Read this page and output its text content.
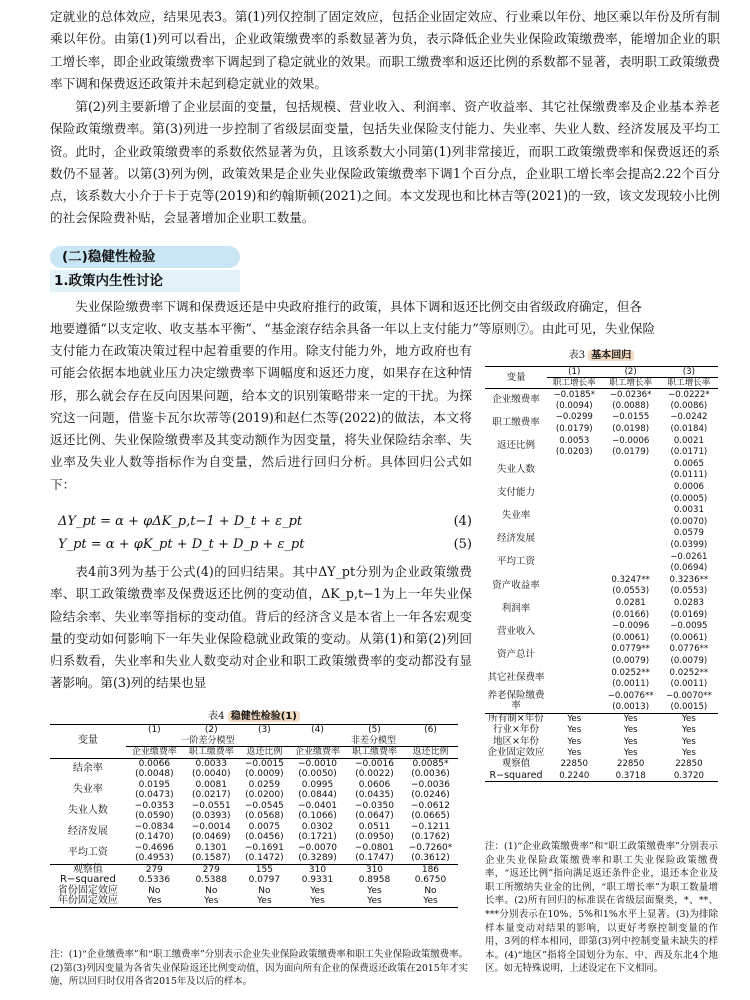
定就业的总体效应，结果见表3。第(1)列仅控制了固定效应，包括企业固定效应、行业乘以年份、地区乘以年份及所有制乘以年份。由第(1)列可以看出，企业政策缴费率的系数显著为负，表示降低企业失业保险政策缴费率，能增加企业的职工增长率，即企业政策缴费率下调起到了稳定就业的效果。而职工缴费率和返还比例的系数都不显著，表明职工政策缴费率下调和保费返还政策并未起到稳定就业的效果。

第(2)列主要新增了企业层面的变量，包括规模、营业收入、利润率、资产收益率、其它社保缴费率及企业基本养老保险政策缴费率。第(3)列进一步控制了省级层面变量，包括失业保险支付能力、失业率、失业人数、经济发展及平均工资。此时，企业政策缴费率的系数依然显著为负，且该系数大小同第(1)列非常接近，而职工政策缴费率和保费返还的系数仍不显著。以第(3)列为例，政策效果是企业失业保险政策缴费率下调1个百分点，企业职工增长率会提高2.22个百分点，该系数大小介于卡于克等(2019)和约翰斯顿(2021)之间。本文发现也和比林吉等(2021)的一致，该文发现较小比例的社会保险费补贴，会显著增加企业职工数量。

(二)稳健性检验
1.政策内生性讨论

失业保险缴费率下调和保费返还是中央政府推行的政策，具体下调和返还比例交由省级政府确定，但各

地要遵循“以支定收、收支基本平衡”、“基金滚存结余具备一年以上支付能力”等原则⑦。由此可见，失业保险

支付能力在政策决策过程中起着重要的作用。除支付能力外，地方政府也有可能会依据本地就业压力决定缴费率下调幅度和返还力度，如果存在这种情形，那么就会存在反向因果问题，给本文的识别策略带来一定的干扰。为探究这一问题，借鉴卡瓦尔坎蒂等(2019)和赵仁杰等(2022)的做法，本文将返还比例、失业保险缴费率及其变动额作为因变量，将失业保险结余率、失业率及失业人数等指标作为自变量，然后进行回归分析。具体回归公式如下：

ΔY_pt = α + φΔK_p,t−1 + D_t + ε_pt	(4)
Y_pt = α + φK_pt + D_t + D_p + ε_pt	(5)

表4前3列为基于公式(4)的回归结果。其中ΔY_pt分别为企业政策缴费率、职工政策缴费率及保费返还比例的变动值，ΔK_p,t−1为上一年失业保险结余率、失业率等指标的变动值。背后的经济含义是本省上一年各宏观变量的变动如何影响下一年失业保险稳就业政策的变动。从第(1)和第(2)列回归系数看，失业率和失业人数变动对企业和职工政策缴费率的变动都没有显著影响。第(3)列的结果也显

表3 基本回归
变量	(1)	(2)	(3)
	职工增长率	职工增长率	职工增长率
企业缴费率	−0.0185*	−0.0236*	−0.0222*
	(0.0094)	(0.0088)	(0.0086)
职工缴费率	−0.0299	−0.0155	−0.0242
	(0.0179)	(0.0198)	(0.0184)
返还比例	0.0053	−0.0006	0.0021
	(0.0203)	(0.0179)	(0.0171)
失业人数			0.0065
			(0.0111)
支付能力			0.0006
			(0.0005)
失业率			0.0031
			(0.0070)
经济发展			0.0579
			(0.0399)
平均工资			−0.0261
			(0.0694)
资产收益率		0.3247**	0.3236**
		(0.0553)	(0.0553)
利润率		0.0281	0.0283
		(0.0166)	(0.0169)
营业收入		−0.0096	−0.0095
		(0.0061)	(0.0061)
资产总计		0.0779**	0.0776**
		(0.0079)	(0.0079)
其它社保费率		0.0252**	0.0252**
		(0.0011)	(0.0011)
养老保险缴费率		−0.0076**	−0.0070**
		(0.0013)	(0.0015)
所有制×年份	Yes	Yes	Yes
行业×年份	Yes	Yes	Yes
地区×年份	Yes	Yes	Yes
企业固定效应	Yes	Yes	Yes
观察值	22850	22850	22850
R−squared	0.2240	0.3718	0.3720

注：(1)“企业政策缴费率”和“职工政策缴费率”分别表示企业失业保险政策缴费率和职工失业保险政策缴费率，“返还比例”指向满足返还条件企业，退还本企业及职工所缴纳失业金的比例，“职工增长率”为职工数量增长率。(2)所有回归的标准误在省级层面聚类，*、**、***分别表示在10%、5%和1%水平上显著。(3)为排除样本量变动对结果的影响，以更好考察控制变量的作用，3列的样本相同，即第(3)列中控制变量未缺失的样本。(4)“地区”指将全国划分为东、中、西及东北4个地区。如无特殊说明，上述设定在下文相同。

表4 稳健性检验(1)
变量	(1)	(2)	(3)	(4)	(5)	(6)
	一阶差分模型			非差分模型		
	企业缴费率	职工缴费率	返还比例	企业缴费率	职工缴费率	返还比例
结余率	0.0066	0.0033	−0.0015	−0.0010	−0.0016	0.0085*
	(0.0048)	(0.0040)	(0.0009)	(0.0050)	(0.0022)	(0.0036)
失业率	0.0195	0.0081	0.0259	0.0995	0.0606	−0.0036
	(0.0473)	(0.0217)	(0.0200)	(0.0844)	(0.0435)	(0.0246)
失业人数	−0.0353	−0.0551	−0.0545	−0.0401	−0.0350	−0.0612
	(0.0590)	(0.0393)	(0.0568)	(0.1066)	(0.0647)	(0.0665)
经济发展	−0.0834	−0.0014	0.0075	0.0302	0.0511	−0.1211
	(0.1470)	(0.0469)	(0.0456)	(0.1721)	(0.0950)	(0.1762)
平均工资	−0.4696	0.1301	−0.1691	−0.0070	−0.0801	−0.7260*
	(0.4953)	(0.1587)	(0.1472)	(0.3289)	(0.1747)	(0.3612)
观察值	279	279	155	310	310	186
R−squared	0.5336	0.5388	0.0797	0.9331	0.8958	0.6750
省份固定效应	No	No	No	Yes	Yes	No
年份固定效应	Yes	Yes	Yes	Yes	Yes	Yes

注：(1)“企业缴费率”和“职工缴费率”分别表示企业失业保险政策缴费率和职工失业保险政策缴费率。(2)第(3)列因变量为各省失业保险返还比例变动值，因为面向所有企业的保费返还政策在2015年才实施，所以回归时仅用各省2015年及以后的样本。
